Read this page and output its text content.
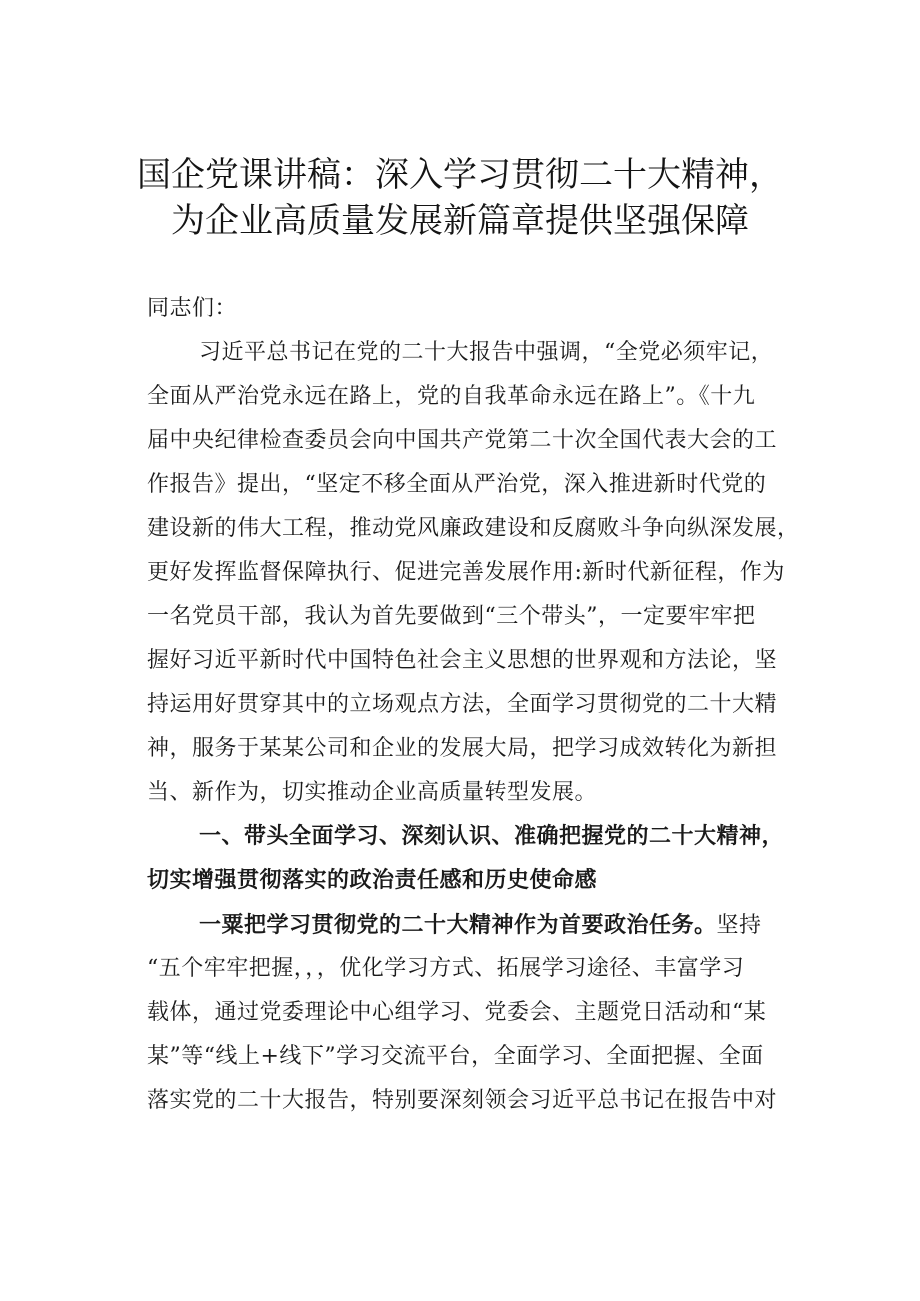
国企党课讲稿：深入学习贯彻二十大精神，
为企业高质量发展新篇章提供坚强保障
同志们：
习近平总书记在党的二十大报告中强调，“全党必须牢记，
全面从严治党永远在路上，党的自我革命永远在路上”。《十九
届中央纪律检查委员会向中国共产党第二十次全国代表大会的工
作报告》提出，“坚定不移全面从严治党，深入推进新时代党的
建设新的伟大工程，推动党风廉政建设和反腐败斗争向纵深发展，
更好发挥监督保障执行、促进完善发展作用:新时代新征程，作为
一名党员干部，我认为首先要做到“三个带头”，一定要牢牢把
握好习近平新时代中国特色社会主义思想的世界观和方法论，坚
持运用好贯穿其中的立场观点方法，全面学习贯彻党的二十大精
神，服务于某某公司和企业的发展大局，把学习成效转化为新担
当、新作为，切实推动企业高质量转型发展。
一、带头全面学习、深刻认识、准确把握党的二十大精神，
切实增强贯彻落实的政治责任感和历史使命感
一粟把学习贯彻党的二十大精神作为首要政治任务。坚持
“五个牢牢把握，，，优化学习方式、拓展学习途径、丰富学习
载体，通过党委理论中心组学习、党委会、主题党日活动和“某
某”等“线上+线下”学习交流平台，全面学习、全面把握、全面
落实党的二十大报告，特别要深刻领会习近平总书记在报告中对
